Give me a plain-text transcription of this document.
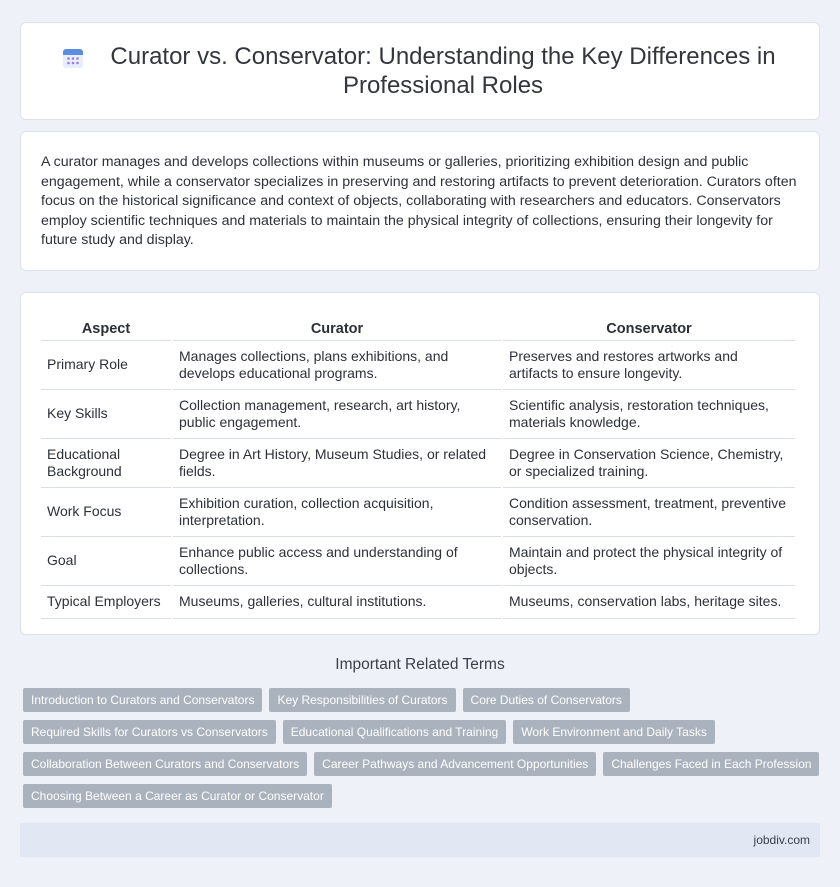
Curator vs. Conservator: Understanding the Key Differences in Professional Roles

A curator manages and develops collections within museums or galleries, prioritizing exhibition design and public engagement, while a conservator specializes in preserving and restoring artifacts to prevent deterioration. Curators often focus on the historical significance and context of objects, collaborating with researchers and educators. Conservators employ scientific techniques and materials to maintain the physical integrity of collections, ensuring their longevity for future study and display.

Aspect	Curator	Conservator
Primary Role	Manages collections, plans exhibitions, and develops educational programs.	Preserves and restores artworks and artifacts to ensure longevity.
Key Skills	Collection management, research, art history, public engagement.	Scientific analysis, restoration techniques, materials knowledge.
Educational Background	Degree in Art History, Museum Studies, or related fields.	Degree in Conservation Science, Chemistry, or specialized training.
Work Focus	Exhibition curation, collection acquisition, interpretation.	Condition assessment, treatment, preventive conservation.
Goal	Enhance public access and understanding of collections.	Maintain and protect the physical integrity of objects.
Typical Employers	Museums, galleries, cultural institutions.	Museums, conservation labs, heritage sites.
Important Related Terms
Introduction to Curators and Conservators	Key Responsibilities of Curators	Core Duties of Conservators
Required Skills for Curators vs Conservators	Educational Qualifications and Training	Work Environment and Daily Tasks
Collaboration Between Curators and Conservators	Career Pathways and Advancement Opportunities	Challenges Faced in Each Profession
Choosing Between a Career as Curator or Conservator
jobdiv.com
